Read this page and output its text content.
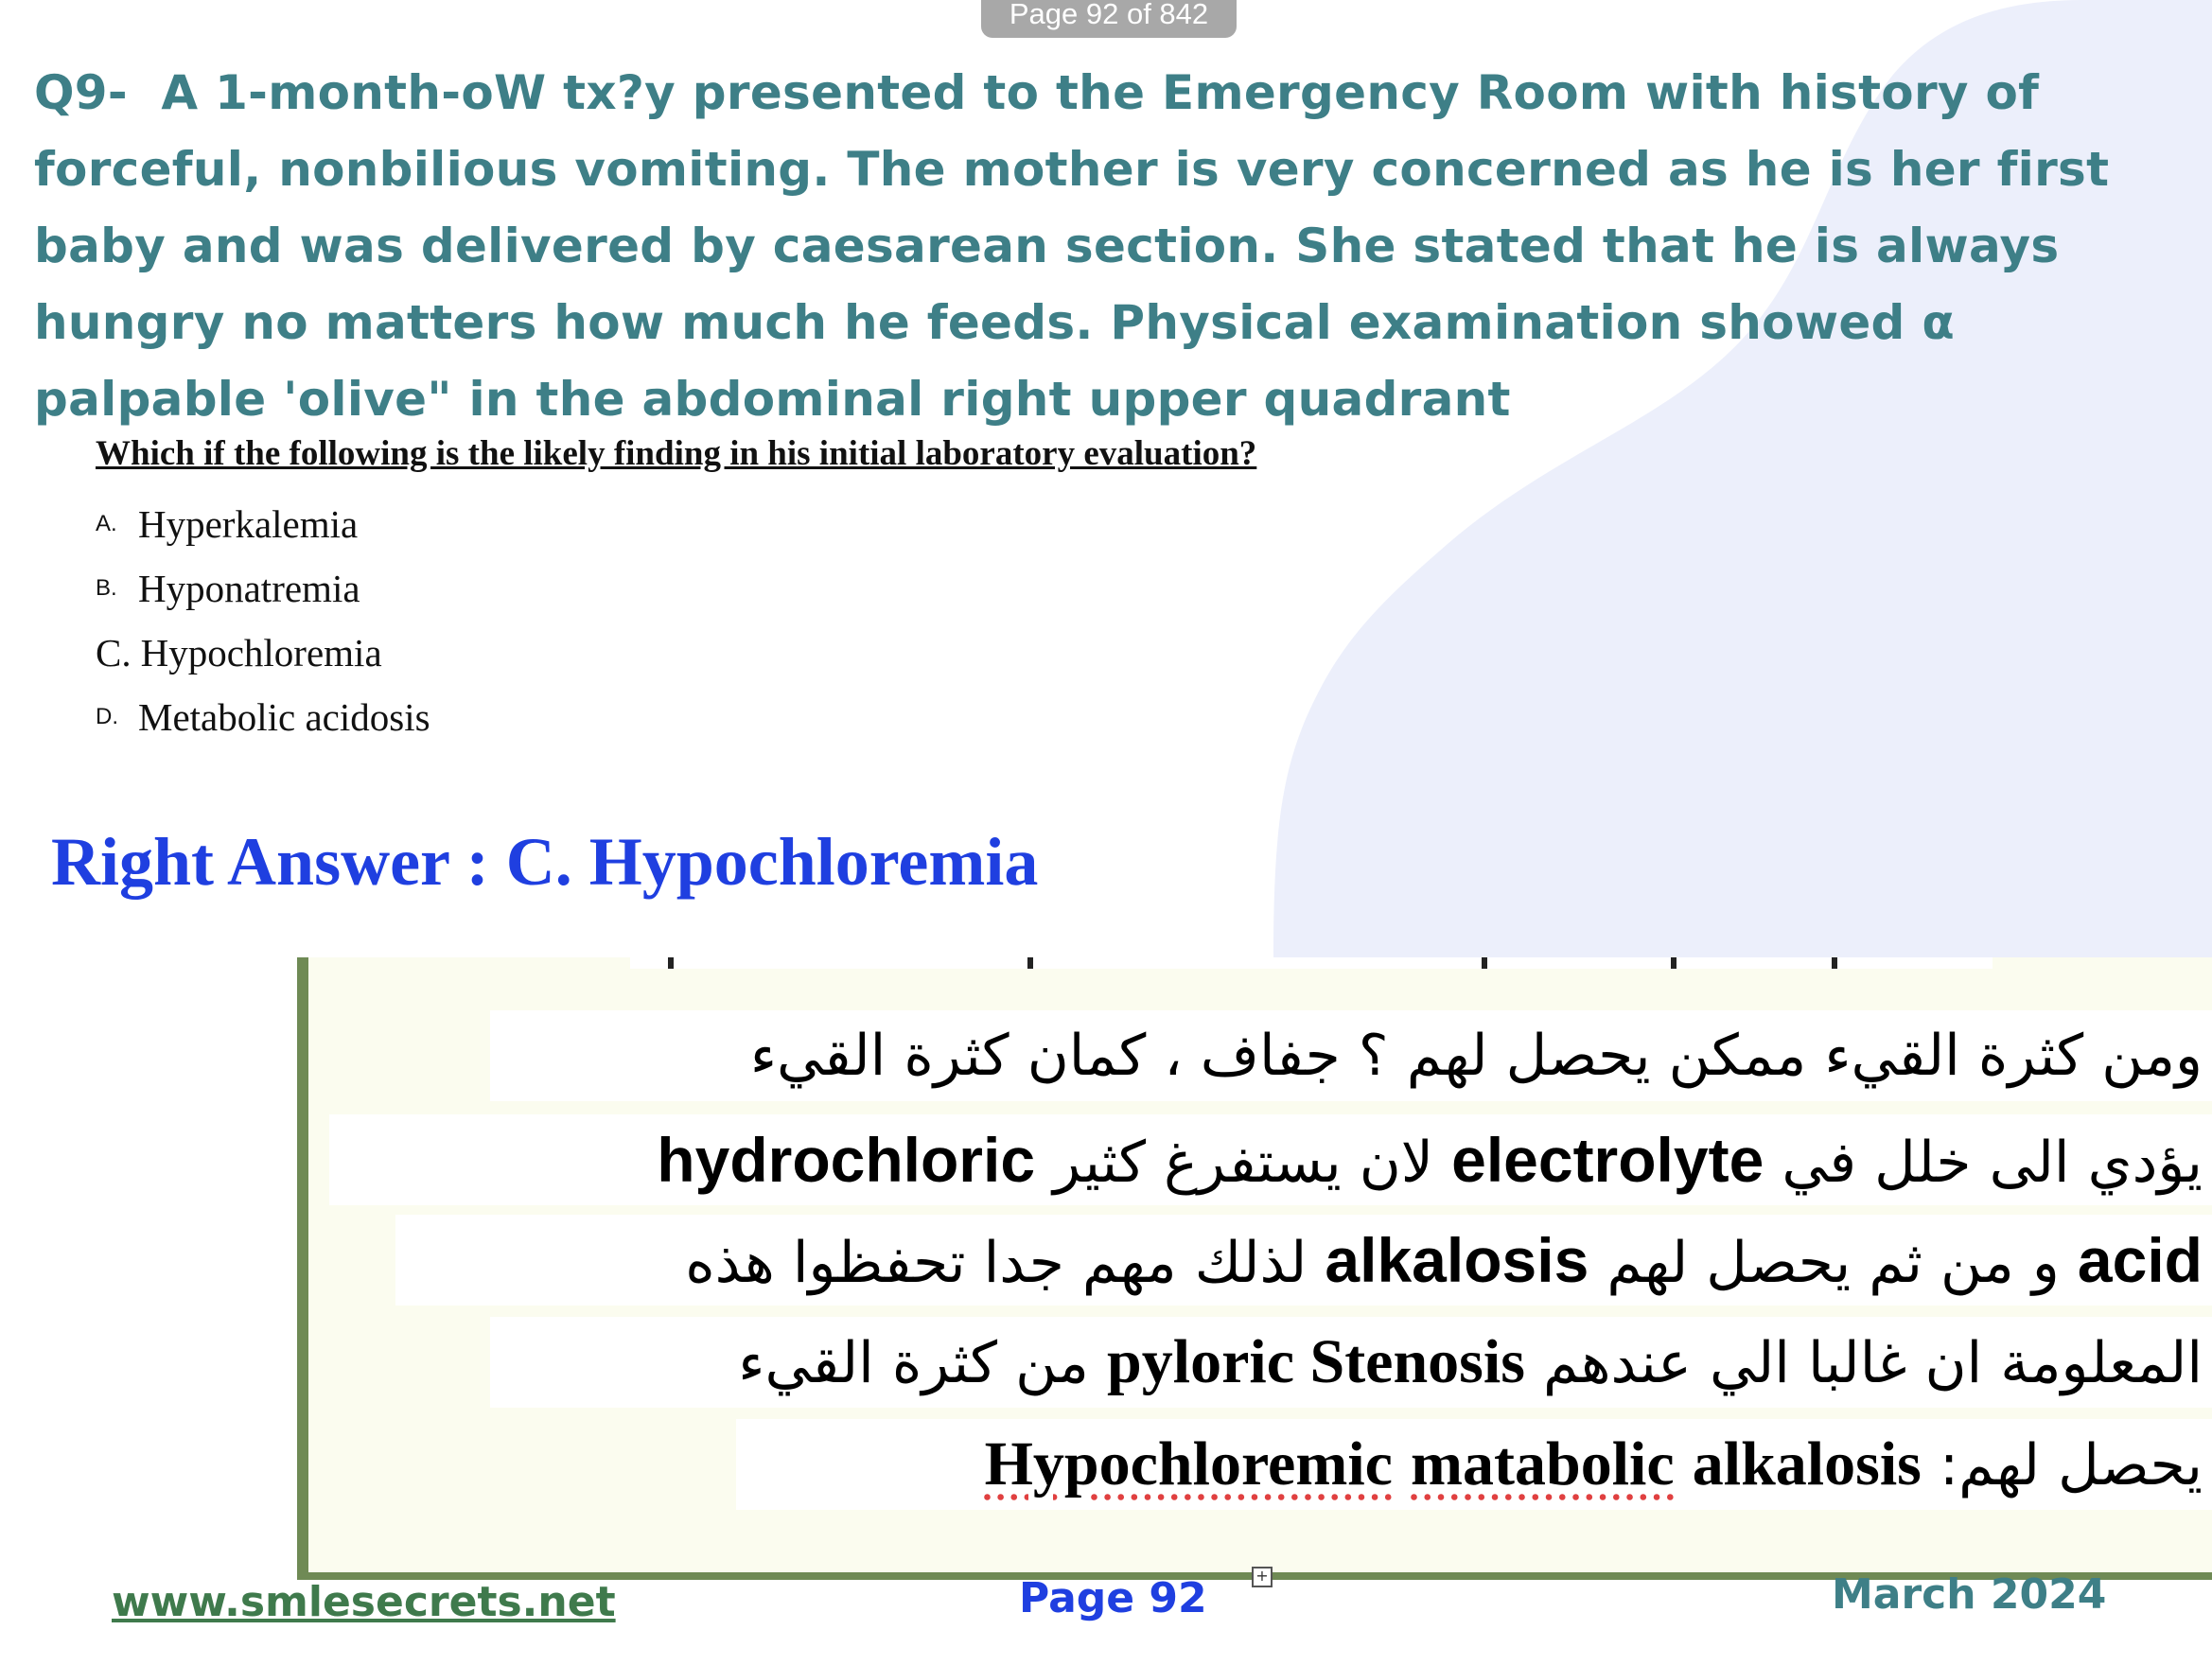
Page 92 of 842

Q9- A 1-month-oW tx?y presented to the Emergency Room with history of forceful, nonbilious vomiting. The mother is very concerned as he is her first baby and was delivered by caesarean section. She stated that he is always hungry no matters how much he feeds. Physical examination showed α palpable 'olive" in the abdominal right upper quadrant

Which if the following is the likely finding in his initial laboratory evaluation?
A. Hyperkalemia
B. Hyponatremia
C. Hypochloremia
D. Metabolic acidosis
Right Answer : C. Hypochloremia
ومن كثرة القيء ممكن يحصل لهم ؟ جفاف ، كمان كثرة القيء
يؤدي الى خلل في electrolyte لان يستفرغ كثير hydrochloric
acid و من ثم يحصل لهم alkalosis لذلك مهم جدا تحفظوا هذه
المعلومة ان غالبا الي عندهم pyloric Stenosis من كثرة القيء
يحصل لهم: Hypochloremic matabolic alkalosis
+
www.smlesecrets.net	Page 92	March 2024
